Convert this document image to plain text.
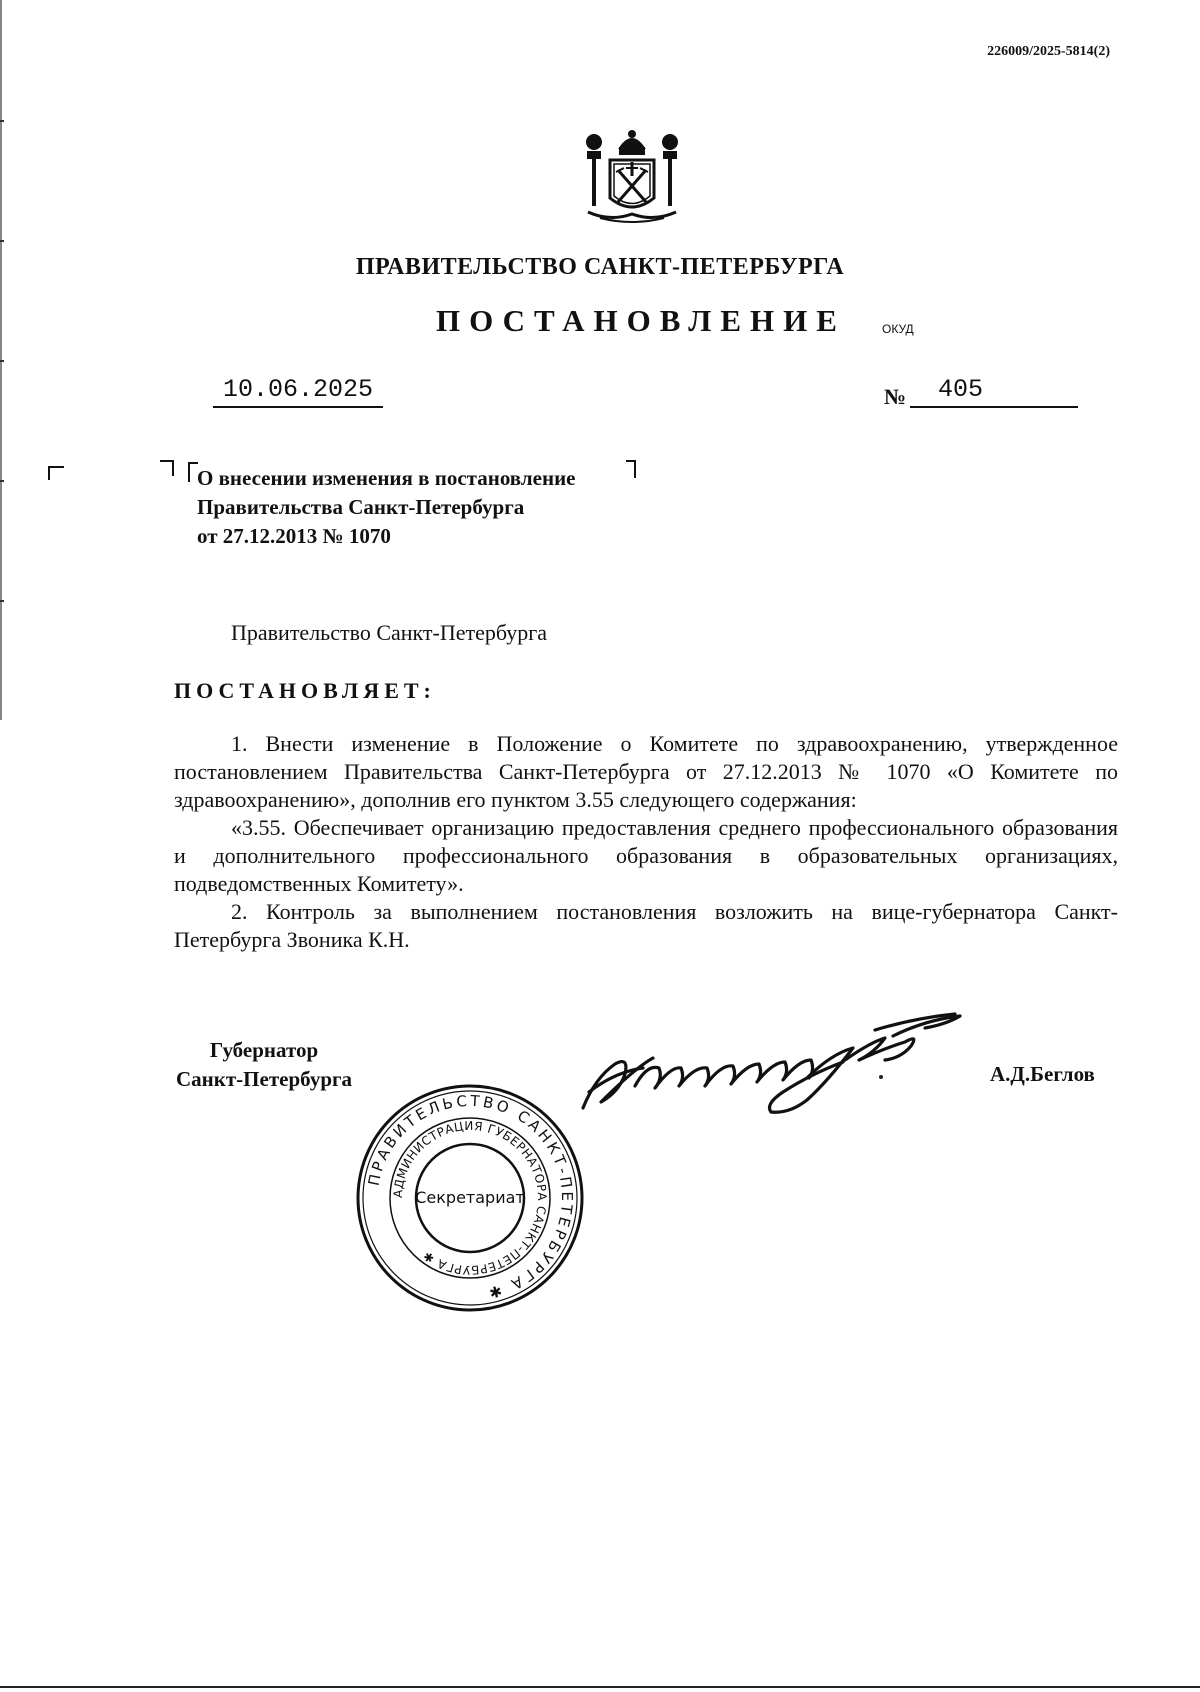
226009/2025-5814(2)
ПРАВИТЕЛЬСТВО САНКТ-ПЕТЕРБУРГА
ПОСТАНОВЛЕНИЕ	ОКУД
10.06.2025	№	405
О внесении изменения в постановление
Правительства Санкт-Петербурга
от 27.12.2013 № 1070
Правительство Санкт-Петербурга
ПОСТАНОВЛЯЕТ:

1. Внести изменение в Положение о Комитете по здравоохранению, утвержденное постановлением Правительства Санкт-Петербурга от 27.12.2013 № 1070 «О Комитете по здравоохранению», дополнив его пунктом 3.55 следующего содержания:

«3.55. Обеспечивает организацию предоставления среднего профессионального образования и дополнительного профессионального образования в образовательных организациях, подведомственных Комитету».

2. Контроль за выполнением постановления возложить на вице-губернатора Санкт-Петербурга Звоника К.Н.

Губернатор
Санкт-Петербурга	А.Д.Беглов
ПРАВИТЕЛЬСТВО САНКТ-ПЕТЕРБУРГА ✱
АДМИНИСТРАЦИЯ ГУБЕРНАТОРА САНКТ-ПЕТЕРБУРГА ✱
Секретариат
